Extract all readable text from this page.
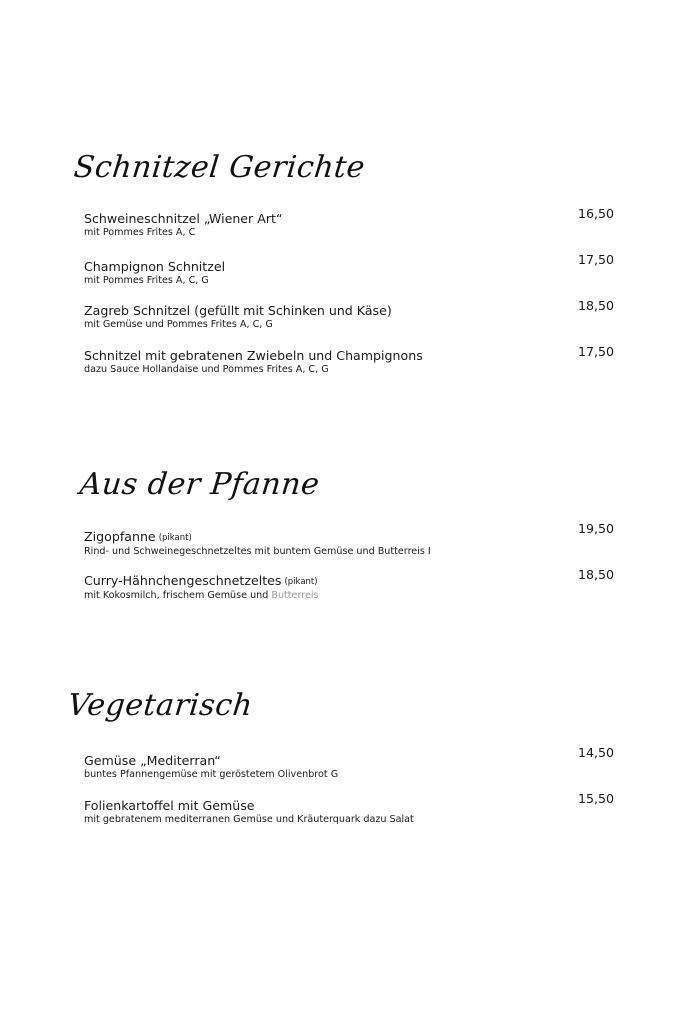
Schnitzel Gerichte
Schweineschnitzel „Wiener Art“
mit Pommes Frites A, C
16,50
Champignon Schnitzel
mit Pommes Frites A, C, G
17,50
Zagreb Schnitzel (gefüllt mit Schinken und Käse)
mit Gemüse und Pommes Frites A, C, G
18,50
Schnitzel mit gebratenen Zwiebeln und Champignons
dazu Sauce Hollandaise und Pommes Frites A, C, G
17,50
Aus der Pfanne
Zigopfanne (pikant)
Rind- und Schweinegeschnetzeltes mit buntem Gemüse und Butterreis I
19,50
Curry-Hähnchengeschnetzeltes (pikant)
mit Kokosmilch, frischem Gemüse und Butterreis
18,50
Vegetarisch
Gemüse „Mediterran“
buntes Pfannengemüse mit geröstetem Olivenbrot G
14,50
Folienkartoffel mit Gemüse
mit gebratenem mediterranen Gemüse und Kräuterquark dazu Salat
15,50
